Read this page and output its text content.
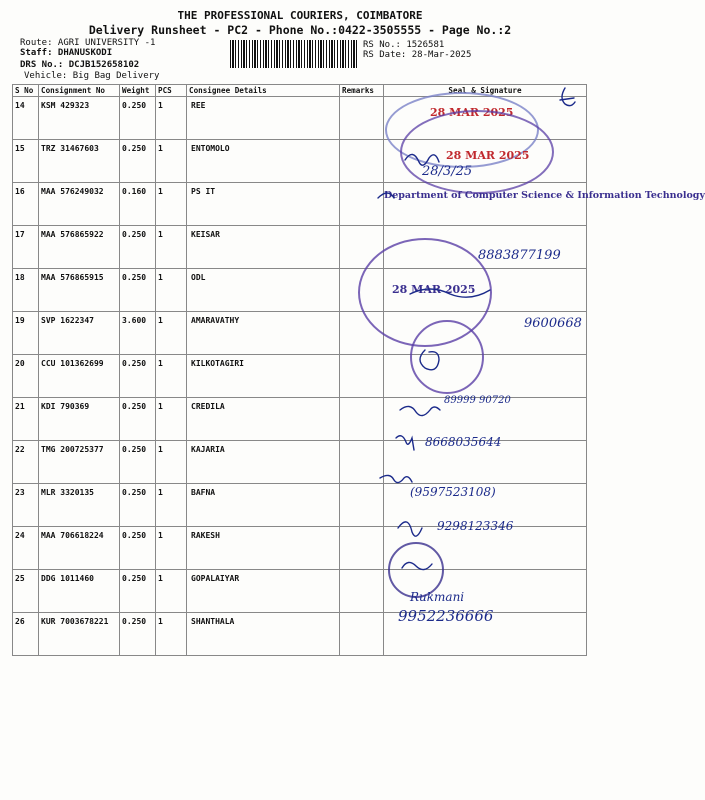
THE PROFESSIONAL COURIERS, COIMBATORE
Delivery Runsheet - PC2 - Phone No.:0422-3505555 - Page No.:2
Route: AGRI UNIVERSITY -1
Staff: DHANUSKODI
DRS No.: DCJB152658102
Vehicle: Big Bag Delivery
RS No.: 1526581
RS Date: 28-Mar-2025
S No	Consignment No	Weight	PCS	Consignee Details	Remarks	Seal & Signature
14	KSM 429323	0.250	1	REE		
15	TRZ 31467603	0.250	1	ENTOMOLO		
16	MAA 576249032	0.160	1	PS IT		
17	MAA 576865922	0.250	1	KEISAR		
18	MAA 576865915	0.250	1	ODL		
19	SVP 1622347	3.600	1	AMARAVATHY		
20	CCU 101362699	0.250	1	KILKOTAGIRI		
21	KDI 790369	0.250	1	CREDILA		
22	TMG 200725377	0.250	1	KAJARIA		
23	MLR 3320135	0.250	1	BAFNA		
24	MAA 706618224	0.250	1	RAKESH		
25	DDG 1011460	0.250	1	GOPALAIYAR		
26	KUR 7003678221	0.250	1	SHANTHALA		
28 MAR 2025
28 MAR 2025
Department of Computer Science & Information Technology
28 MAR 2025
28/3/25
8883877199
9600668
89999 90720
8668035644
(9597523108)
9298123346
Rukmani
9952236666
